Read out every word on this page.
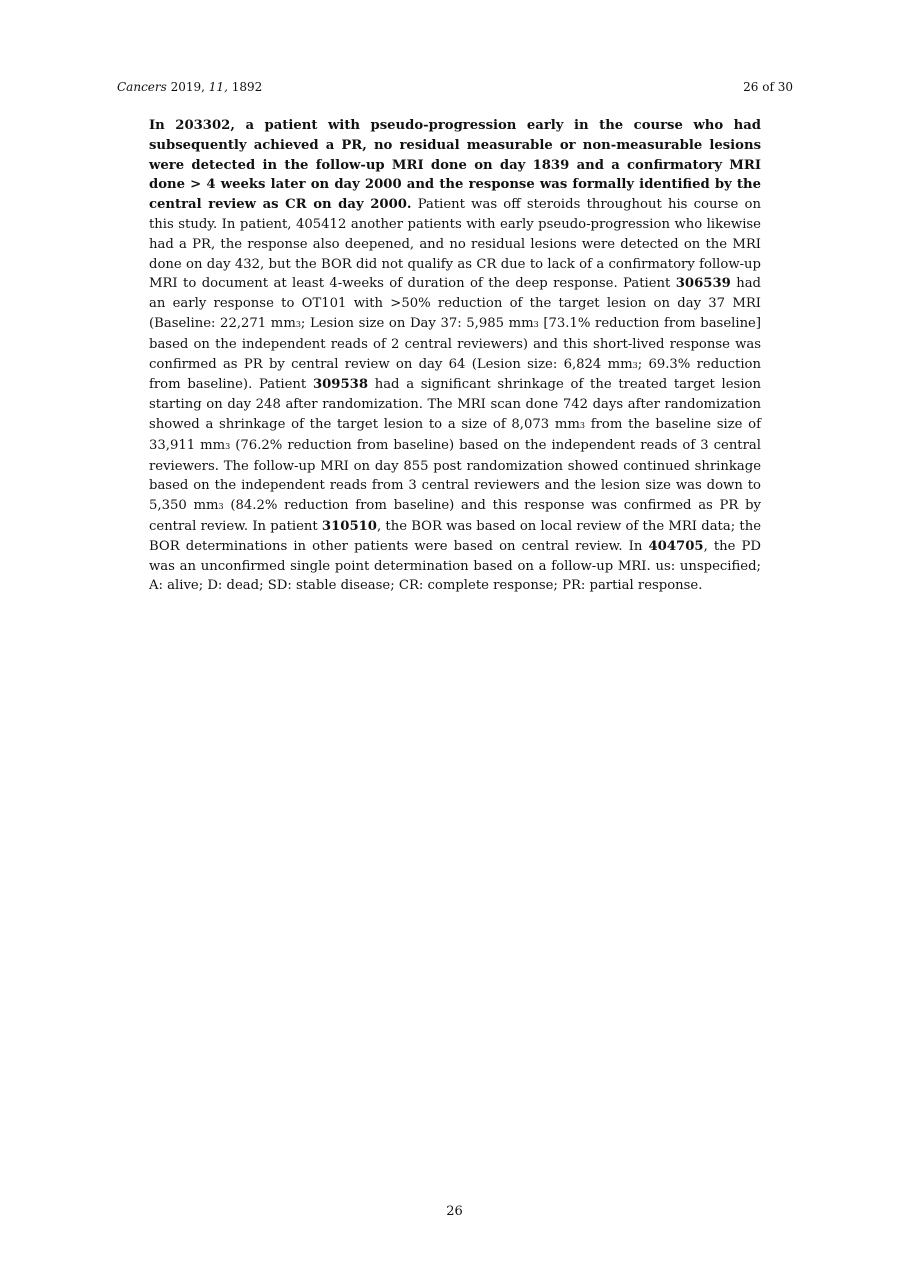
Cancers 2019, 11, 1892	26 of 30

In 203302, a patient with pseudo-progression early in the course who had subsequently achieved a PR, no residual measurable or non-measurable lesions were detected in the follow-up MRI done on day 1839 and a confirmatory MRI done > 4 weeks later on day 2000 and the response was formally identified by the central review as CR on day 2000. Patient was off steroids throughout his course on this study. In patient, 405412 another patients with early pseudo-progression who likewise had a PR, the response also deepened, and no residual lesions were detected on the MRI done on day 432, but the BOR did not qualify as CR due to lack of a confirmatory follow-up MRI to document at least 4-weeks of duration of the deep response. Patient 306539 had an early response to OT101 with >50% reduction of the target lesion on day 37 MRI (Baseline: 22,271 mm3; Lesion size on Day 37: 5,985 mm3 [73.1% reduction from baseline] based on the independent reads of 2 central reviewers) and this short-lived response was confirmed as PR by central review on day 64 (Lesion size: 6,824 mm3; 69.3% reduction from baseline). Patient 309538 had a significant shrinkage of the treated target lesion starting on day 248 after randomization. The MRI scan done 742 days after randomization showed a shrinkage of the target lesion to a size of 8,073 mm3 from the baseline size of 33,911 mm3 (76.2% reduction from baseline) based on the independent reads of 3 central reviewers. The follow-up MRI on day 855 post randomization showed continued shrinkage based on the independent reads from 3 central reviewers and the lesion size was down to 5,350 mm3 (84.2% reduction from baseline) and this response was confirmed as PR by central review. In patient 310510, the BOR was based on local review of the MRI data; the BOR determinations in other patients were based on central review. In 404705, the PD was an unconfirmed single point determination based on a follow-up MRI. us: unspecified; A: alive; D: dead; SD: stable disease; CR: complete response; PR: partial response.

26
